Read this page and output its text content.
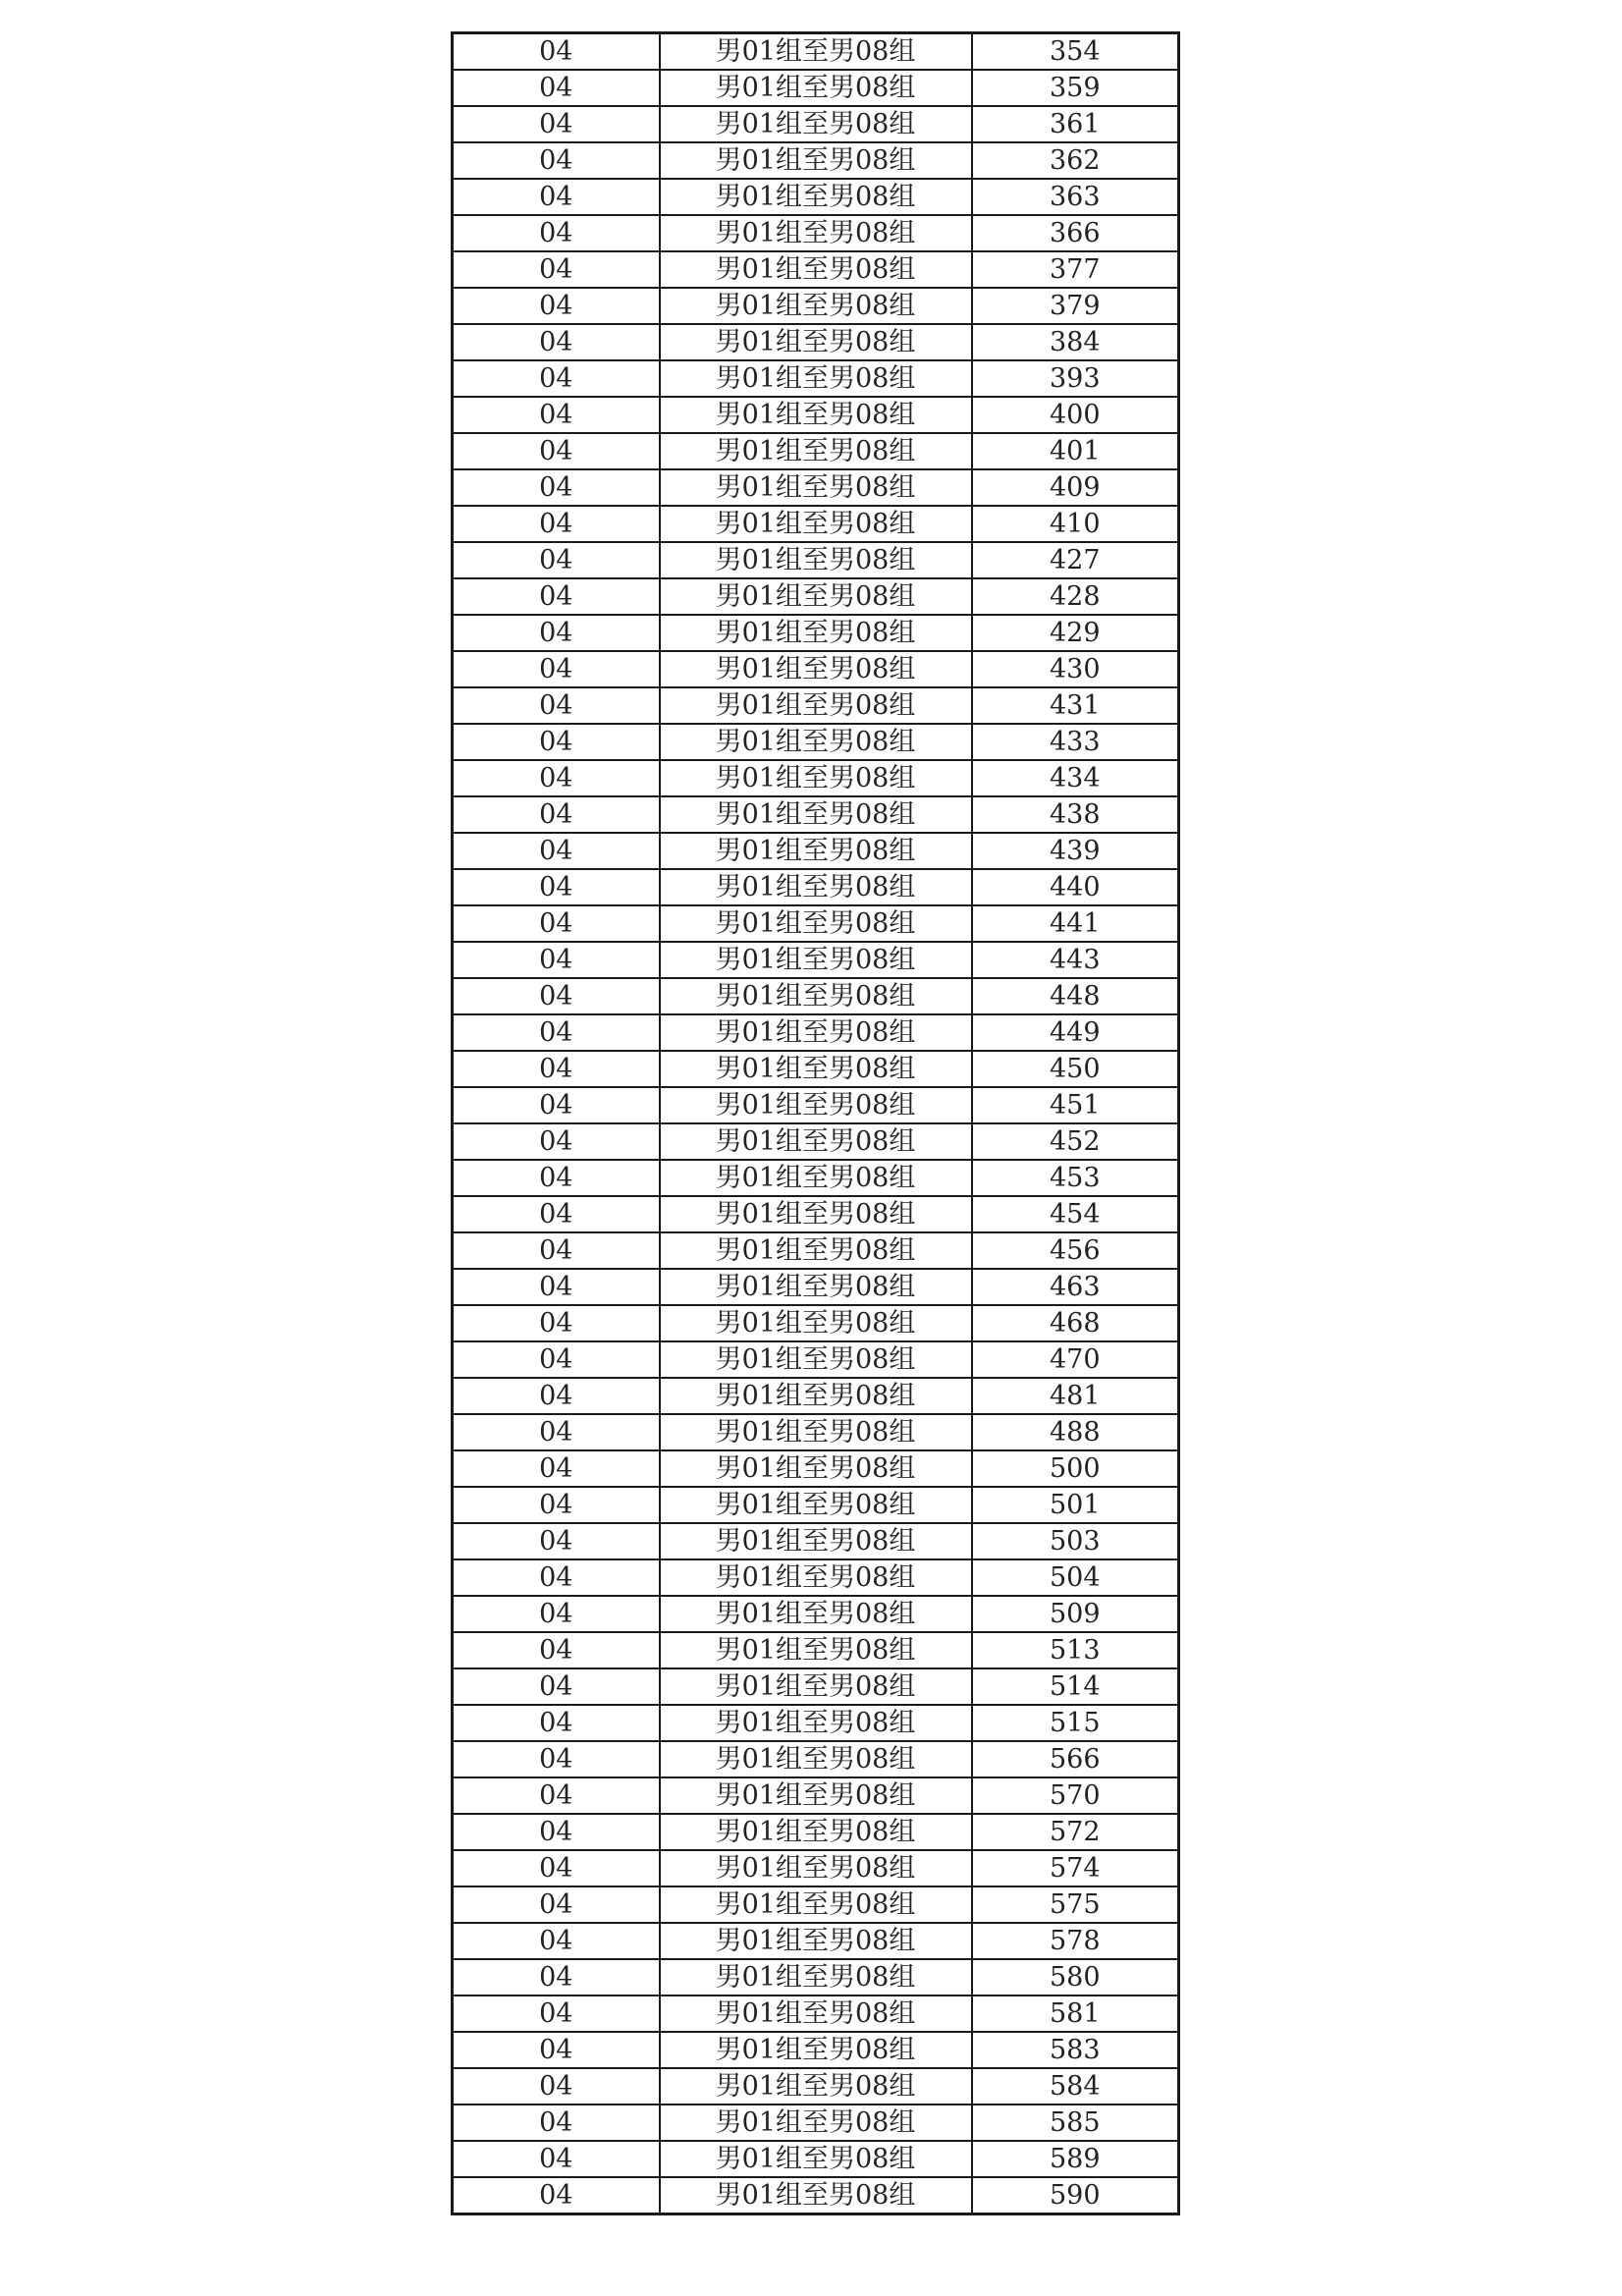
04	男01组至男08组	354
04	男01组至男08组	359
04	男01组至男08组	361
04	男01组至男08组	362
04	男01组至男08组	363
04	男01组至男08组	366
04	男01组至男08组	377
04	男01组至男08组	379
04	男01组至男08组	384
04	男01组至男08组	393
04	男01组至男08组	400
04	男01组至男08组	401
04	男01组至男08组	409
04	男01组至男08组	410
04	男01组至男08组	427
04	男01组至男08组	428
04	男01组至男08组	429
04	男01组至男08组	430
04	男01组至男08组	431
04	男01组至男08组	433
04	男01组至男08组	434
04	男01组至男08组	438
04	男01组至男08组	439
04	男01组至男08组	440
04	男01组至男08组	441
04	男01组至男08组	443
04	男01组至男08组	448
04	男01组至男08组	449
04	男01组至男08组	450
04	男01组至男08组	451
04	男01组至男08组	452
04	男01组至男08组	453
04	男01组至男08组	454
04	男01组至男08组	456
04	男01组至男08组	463
04	男01组至男08组	468
04	男01组至男08组	470
04	男01组至男08组	481
04	男01组至男08组	488
04	男01组至男08组	500
04	男01组至男08组	501
04	男01组至男08组	503
04	男01组至男08组	504
04	男01组至男08组	509
04	男01组至男08组	513
04	男01组至男08组	514
04	男01组至男08组	515
04	男01组至男08组	566
04	男01组至男08组	570
04	男01组至男08组	572
04	男01组至男08组	574
04	男01组至男08组	575
04	男01组至男08组	578
04	男01组至男08组	580
04	男01组至男08组	581
04	男01组至男08组	583
04	男01组至男08组	584
04	男01组至男08组	585
04	男01组至男08组	589
04	男01组至男08组	590
